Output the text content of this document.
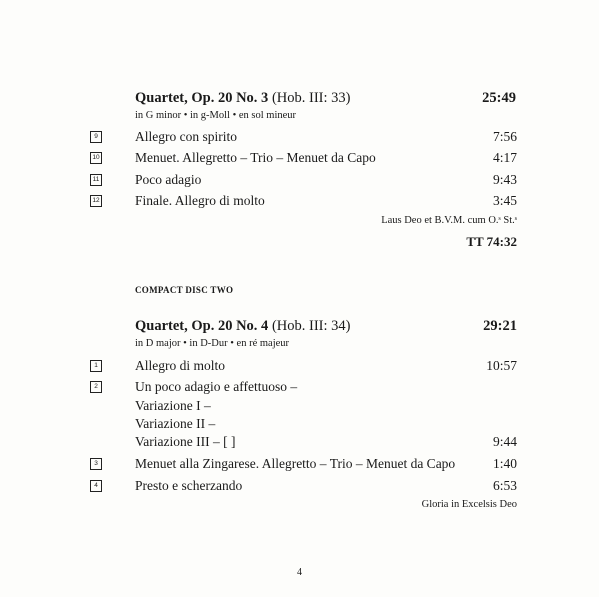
Quartet, Op. 20 No. 3 (Hob. III: 33)	25:49
in G minor • in g-Moll • en sol mineur
9	Allegro con spirito	7:56
10	Menuet. Allegretto – Trio – Menuet da Capo	4:17
11	Poco adagio	9:43
12	Finale. Allegro di molto	3:45
Laus Deo et B.V.M. cum O.ˢ St.ˢ
TT 74:32
COMPACT DISC TWO
Quartet, Op. 20 No. 4 (Hob. III: 34)	29:21
in D major • in D-Dur • en ré majeur
1	Allegro di molto	10:57
2	Un poco adagio e affettuoso –
Variazione I –
Variazione II –
Variazione III – [ ]	9:44
3	Menuet alla Zingarese. Allegretto – Trio – Menuet da Capo	1:40
4	Presto e scherzando	6:53
Gloria in Excelsis Deo
4
